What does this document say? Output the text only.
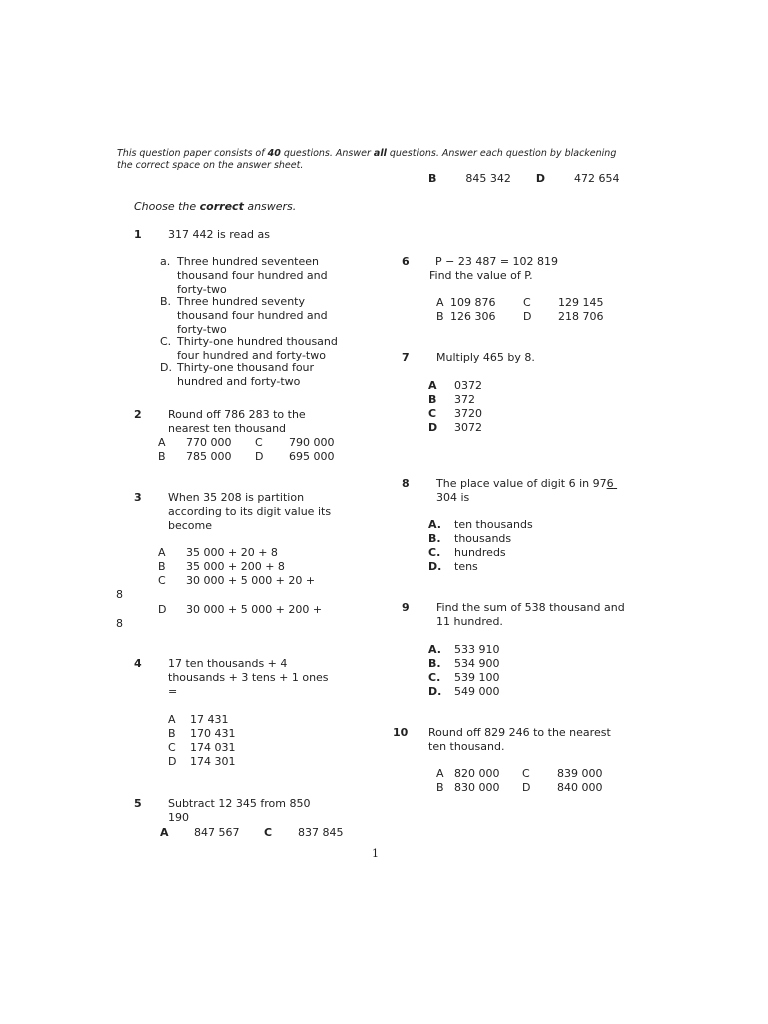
This question paper consists of 40 questions. Answer all questions. Answer each question by blackening
the correct space on the answer sheet.
B	845 342 D	472 654
Choose the correct answers.
1 317 442 is read as
a. Three hundred seventeen
thousand four hundred and
forty-two
B. Three hundred seventy
thousand four hundred and
forty-two
C. Thirty-one hundred thousand
four hundred and forty-two
D. Thirty-one thousand four
hundred and forty-two
2 Round off 786 283 to the
nearest ten thousand
A 770 000 C 790 000
B 785 000 D 695 000
3 When 35 208 is partition
according to its digit value its
become
A 35 000 + 20 + 8
B 35 000 + 200 + 8
C 30 000 + 5 000 + 20 +
8
D 30 000 + 5 000 + 200 +
8
4 17 ten thousands + 4
thousands + 3 tens + 1 ones
=
A 17 431
B 170 431
C 174 031
D 174 301
5 Subtract 12 345 from 850
190
A 847 567 C 837 845
6	P − 23 487 = 102 819
Find the value of P.
A 109 876	C 129 145
B 126 306	D 218 706
7 Multiply 465 by 8.
A 0372
B 372
C 3720
D 3072
8 The place value of digit 6 in 976
304 is
A. ten thousands
B. thousands
C. hundreds
D. tens
9 Find the sum of 538 thousand and
11 hundred.
A. 533 910
B. 534 900
C. 539 100
D. 549 000
10 Round off 829 246 to the nearest
ten thousand.
A 820 000 C 839 000
B 830 000 D 840 000
1
